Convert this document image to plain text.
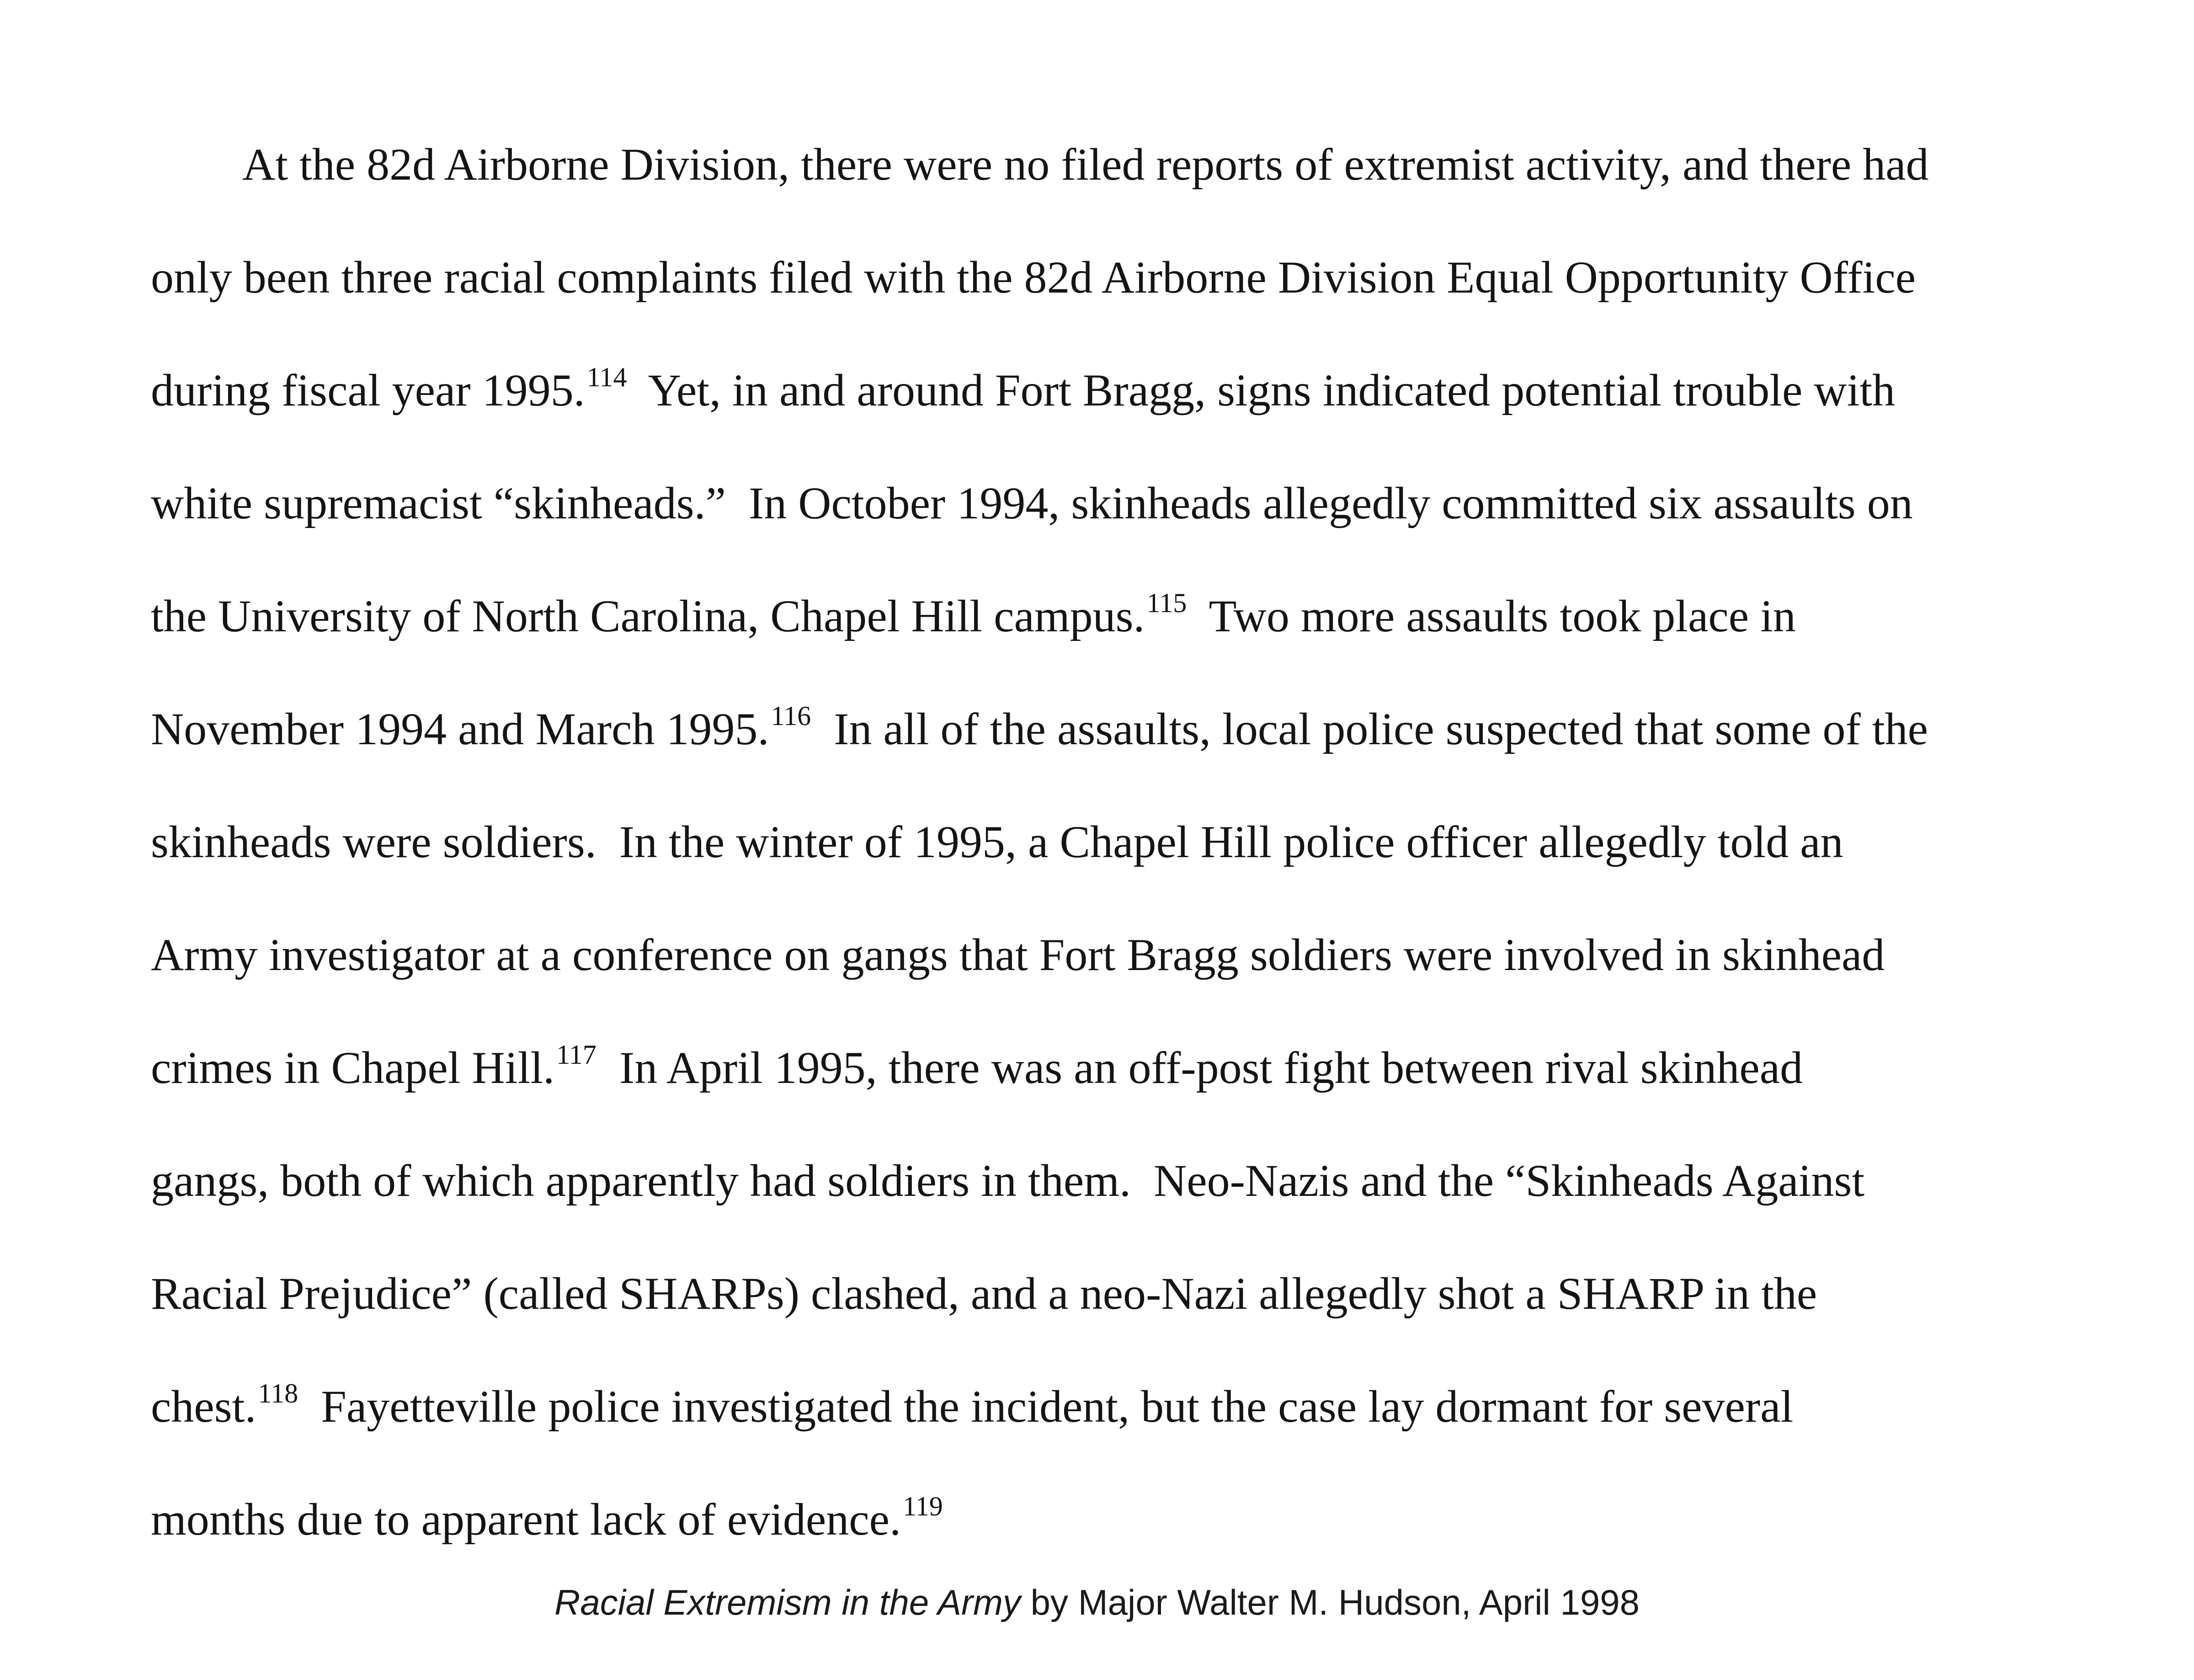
At the 82d Airborne Division, there were no filed reports of extremist activity, and there had
only been three racial complaints filed with the 82d Airborne Division Equal Opportunity Office
during fiscal year 1995.$^{114}$  Yet, in and around Fort Bragg, signs indicated potential trouble with
white supremacist “skinheads.”  In October 1994, skinheads allegedly committed six assaults on
the University of North Carolina, Chapel Hill campus.$^{115}$  Two more assaults took place in
November 1994 and March 1995.$^{116}$  In all of the assaults, local police suspected that some of the
skinheads were soldiers.  In the winter of 1995, a Chapel Hill police officer allegedly told an
Army investigator at a conference on gangs that Fort Bragg soldiers were involved in skinhead
crimes in Chapel Hill.$^{117}$  In April 1995, there was an off-post fight between rival skinhead
gangs, both of which apparently had soldiers in them.  Neo-Nazis and the “Skinheads Against
Racial Prejudice” (called SHARPs) clashed, and a neo-Nazi allegedly shot a SHARP in the
chest.$^{118}$  Fayetteville police investigated the incident, but the case lay dormant for several
months due to apparent lack of evidence.$^{119}$
Racial Extremism in the Army by Major Walter M. Hudson, April 1998
